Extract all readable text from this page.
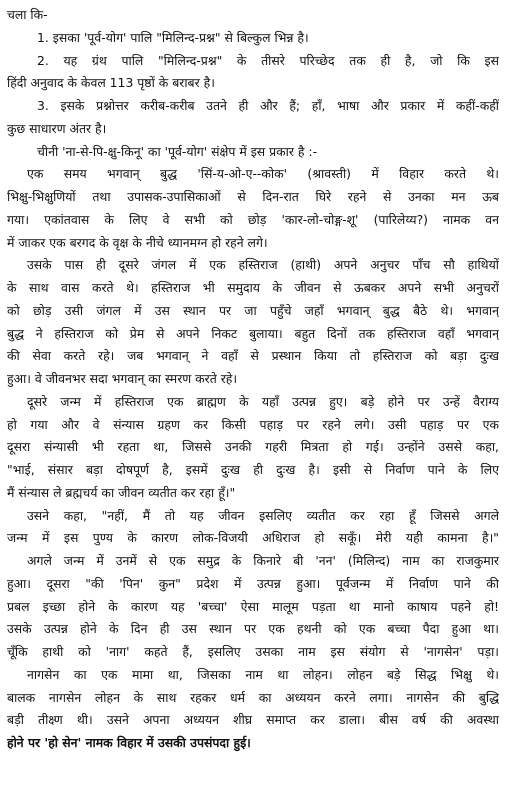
चला कि-
1. इसका 'पूर्व-योग' पालि "मिलिन्द-प्रश्न" से बिल्कुल भिन्न है।
2. यह ग्रंथ पालि "मिलिन्द-प्रश्न" के तीसरे परिच्छेद तक ही है, जो कि इस
हिंदी अनुवाद के केवल 113 पृष्ठों के बराबर है।
3. इसके प्रश्नोत्तर करीब-करीब उतने ही और हैं; हाँ, भाषा और प्रकार में कहीं-कहीं
कुछ साधारण अंतर है।
चीनी 'ना-से-पि-क्षु-किनू' का 'पूर्व-योग' संक्षेप में इस प्रकार है :-
एक समय भगवान् बुद्ध 'सिं-य-ओ-ए--कोक' (श्रावस्ती) में विहार करते थे।
भिक्षु-भिक्षुणियों तथा उपासक-उपासिकाओं से दिन-रात घिरे रहने से उनका मन ऊब
गया। एकांतवास के लिए वे सभी को छोड़ 'कार-लो-चोङ्ग-शू' (पारिलेय्य?) नामक वन
में जाकर एक बरगद के वृक्ष के नीचे ध्यानमग्न हो रहने लगे।
उसके पास ही दूसरे जंगल में एक हस्तिराज (हाथी) अपने अनुचर पाँच सौ हाथियों
के साथ वास करते थे। हस्तिराज भी समुदाय के जीवन से ऊबकर अपने सभी अनुचरों
को छोड़ उसी जंगल में उस स्थान पर जा पहुँचे जहाँ भगवान् बुद्ध बैठे थे। भगवान्
बुद्ध ने हस्तिराज को प्रेम से अपने निकट बुलाया। बहुत दिनों तक हस्तिराज वहाँ भगवान्
की सेवा करते रहे। जब भगवान् ने वहाँ से प्रस्थान किया तो हस्तिराज को बड़ा दुःख
हुआ। वे जीवनभर सदा भगवान् का स्मरण करते रहे।
दूसरे जन्म में हस्तिराज एक ब्राह्मण के यहाँ उत्पन्न हुए। बड़े होने पर उन्हें वैराग्य
हो गया और वे संन्यास ग्रहण कर किसी पहाड़ पर रहने लगे। उसी पहाड़ पर एक
दूसरा संन्यासी भी रहता था, जिससे उनकी गहरी मित्रता हो गई। उन्होंने उससे कहा,
"भाई, संसार बड़ा दोषपूर्ण है, इसमें दुःख ही दुःख है। इसी से निर्वाण पाने के लिए
मैं संन्यास ले ब्रह्मचर्य का जीवन व्यतीत कर रहा हूँ।"
उसने कहा, "नहीं, मैं तो यह जीवन इसलिए व्यतीत कर रहा हूँ जिससे अगले
जन्म में इस पुण्य के कारण लोक-विजयी अधिराज हो सकूँ। मेरी यही कामना है।"
अगले जन्म में उनमें से एक समुद्र के किनारे बी 'नन' (मिलिन्द) नाम का राजकुमार
हुआ। दूसरा "की 'पिन' कुन" प्रदेश में उत्पन्न हुआ। पूर्वजन्म में निर्वाण पाने की
प्रबल इच्छा होने के कारण यह 'बच्चा' ऐसा मालूम पड़ता था मानो काषाय पहने हो!
उसके उत्पन्न होने के दिन ही उस स्थान पर एक हथनी को एक बच्चा पैदा हुआ था।
चूँकि हाथी को 'नाग' कहते हैं, इसलिए उसका नाम इस संयोग से 'नागसेन' पड़ा।
नागसेन का एक मामा था, जिसका नाम था लोहन। लोहन बड़े सिद्ध भिक्षु थे।
बालक नागसेन लोहन के साथ रहकर धर्म का अध्ययन करने लगा। नागसेन की बुद्धि
बड़ी तीक्ष्ण थी। उसने अपना अध्ययन शीघ्र समाप्त कर डाला। बीस वर्ष की अवस्था
होने पर 'हो सेन' नामक विहार में उसकी उपसंपदा हुई।
